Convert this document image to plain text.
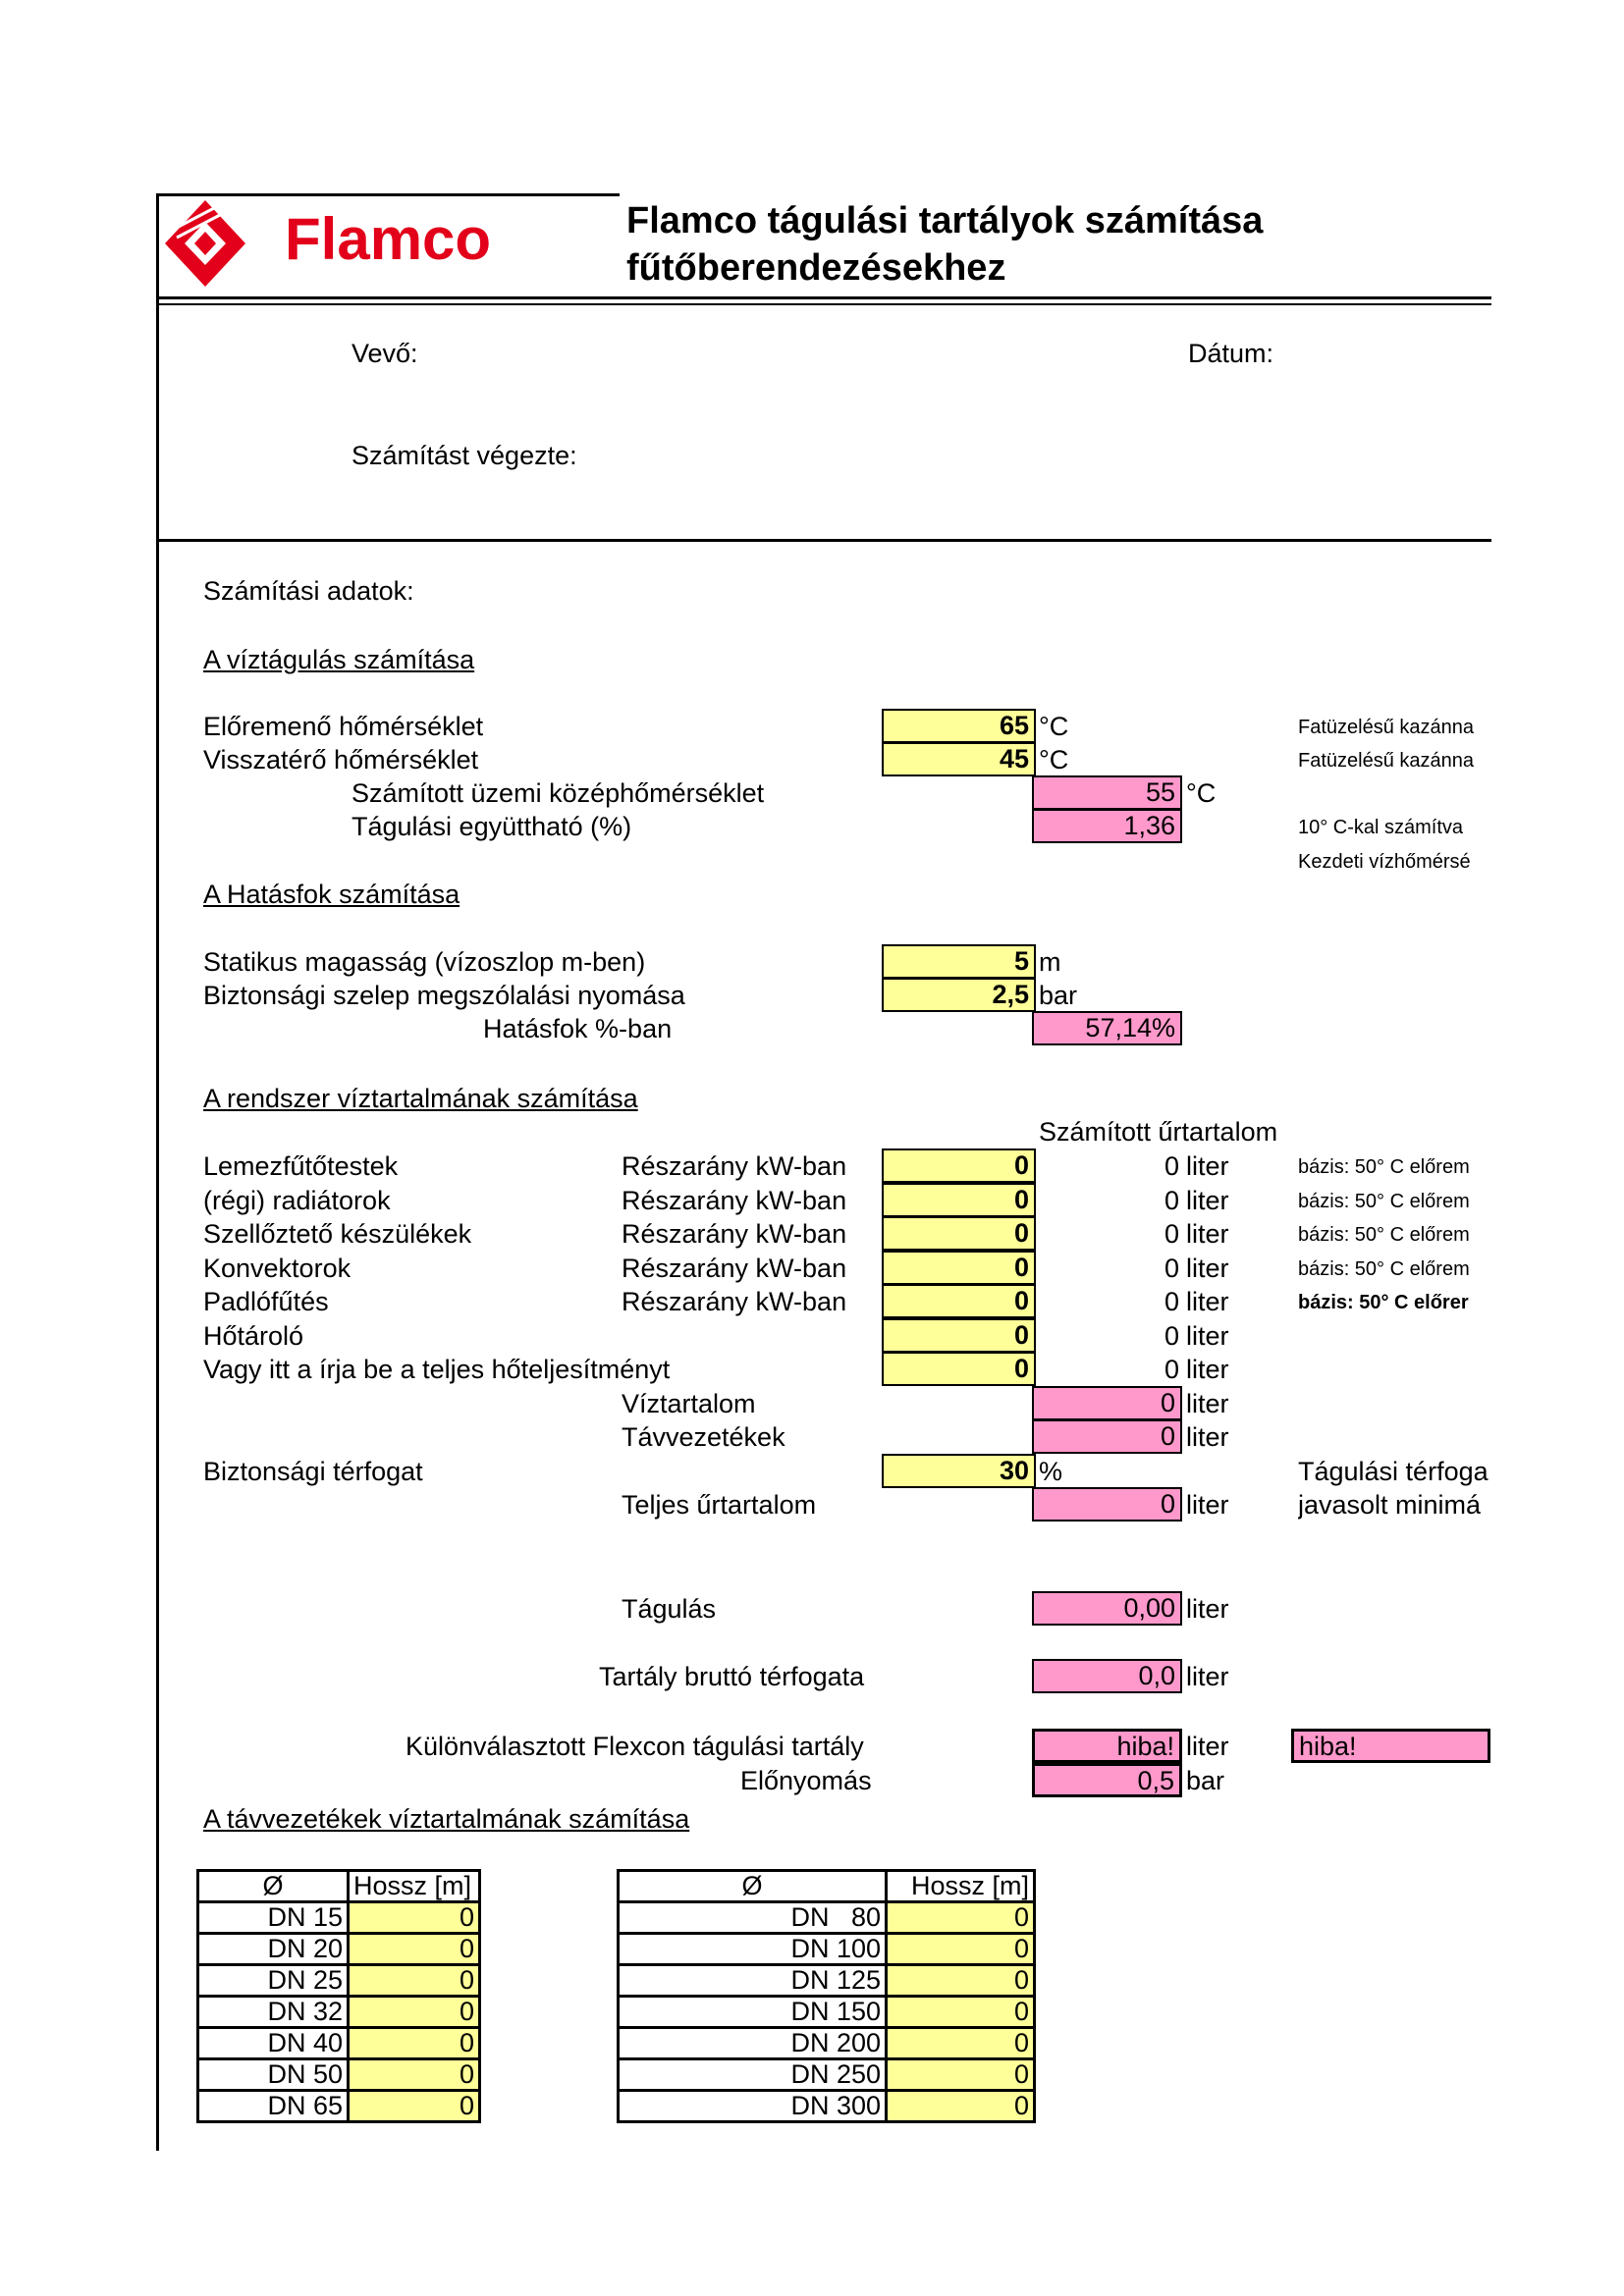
Flamco	Flamco tágulási tartályok számítása
fűtőberendezésekhez
Vevő:	Dátum:
Számítást végezte:
Számítási adatok:
A víztágulás számítása
Előremenő hőmérséklet	65 °C	Fatüzelésű kazánna
Visszatérő hőmérséklet	45 °C	Fatüzelésű kazánna
Számított üzemi középhőmérséklet	55 °C
Tágulási együttható (%)	1,36	10° C-kal számítva
Kezdeti vízhőmérsé
A Hatásfok számítása
Statikus magasság (vízoszlop m-ben)	5 m
Biztonsági szelep megszólalási nyomása	2,5 bar
Hatásfok %-ban	57,14%
A rendszer víztartalmának számítása
Számított űrtartalom
Lemezfűtőtestek	Részarány kW-ban	0	0 liter	bázis: 50° C előrem
(régi) radiátorok	Részarány kW-ban	0	0 liter	bázis: 50° C előrem
Szellőztető készülékek	Részarány kW-ban	0	0 liter	bázis: 50° C előrem
Konvektorok	Részarány kW-ban	0	0 liter	bázis: 50° C előrem
Padlófűtés	Részarány kW-ban	0	0 liter	bázis: 50° C előrer
Hőtároló	0	0 liter
Vagy itt a írja be a teljes hőteljesítményt	0	0 liter
Víztartalom	0 liter
Távvezetékek	0 liter
Biztonsági térfogat	30 %	Tágulási térfoga
Teljes űrtartalom	0 liter	javasolt minimá
Tágulás	0,00 liter
Tartály bruttó térfogata	0,0 liter
Különválasztott Flexcon tágulási tartály	hiba! liter	hiba!
Előnyomás	0,5 bar
A távvezetékek víztartalmának számítása
Ø	Hossz [m]
DN 15	0
DN 20	0
DN 25	0
DN 32	0
DN 40	0
DN 50	0
DN 65	0
Ø	Hossz [m]
DN   80	0
DN 100	0
DN 125	0
DN 150	0
DN 200	0
DN 250	0
DN 300	0
